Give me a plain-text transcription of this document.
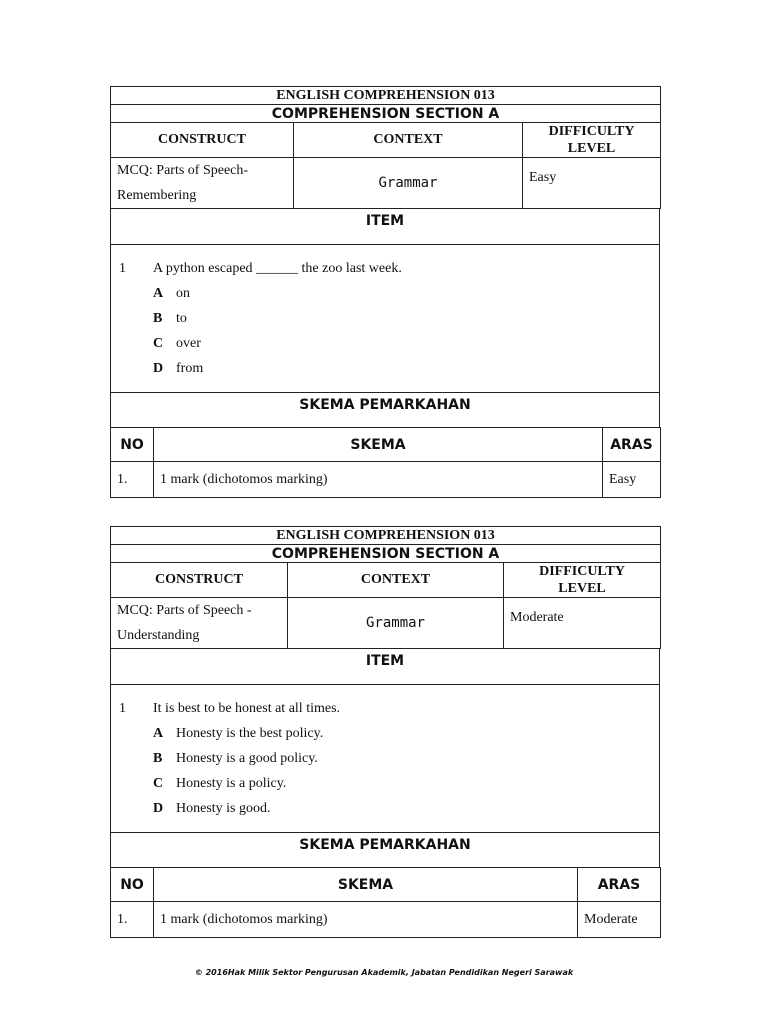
ENGLISH COMPREHENSION 013		
COMPREHENSION SECTION A		
CONSTRUCT	CONTEXT	DIFFICULTY
LEVEL

MCQ: Parts of Speech-
Remembering	Grammar	Easy
ITEM

1	A python escaped ______ the zoo last week.
A on
B to
C over
D from

SKEMA PEMARKAHAN
NO	SKEMA	ARAS
1.	1 mark (dichotomos marking)	Easy
ENGLISH COMPREHENSION 013		
COMPREHENSION SECTION A		
CONSTRUCT	CONTEXT	DIFFICULTY
LEVEL

MCQ: Parts of Speech -
Understanding	Grammar	Moderate
ITEM

1	It is best to be honest at all times.
A Honesty is the best policy.
B Honesty is a good policy.
C Honesty is a policy.
D Honesty is good.

SKEMA PEMARKAHAN
NO	SKEMA	ARAS
1.	1 mark (dichotomos marking)	Moderate
© 2016Hak Milik Sektor Pengurusan Akademik, Jabatan Pendidikan Negeri Sarawak
